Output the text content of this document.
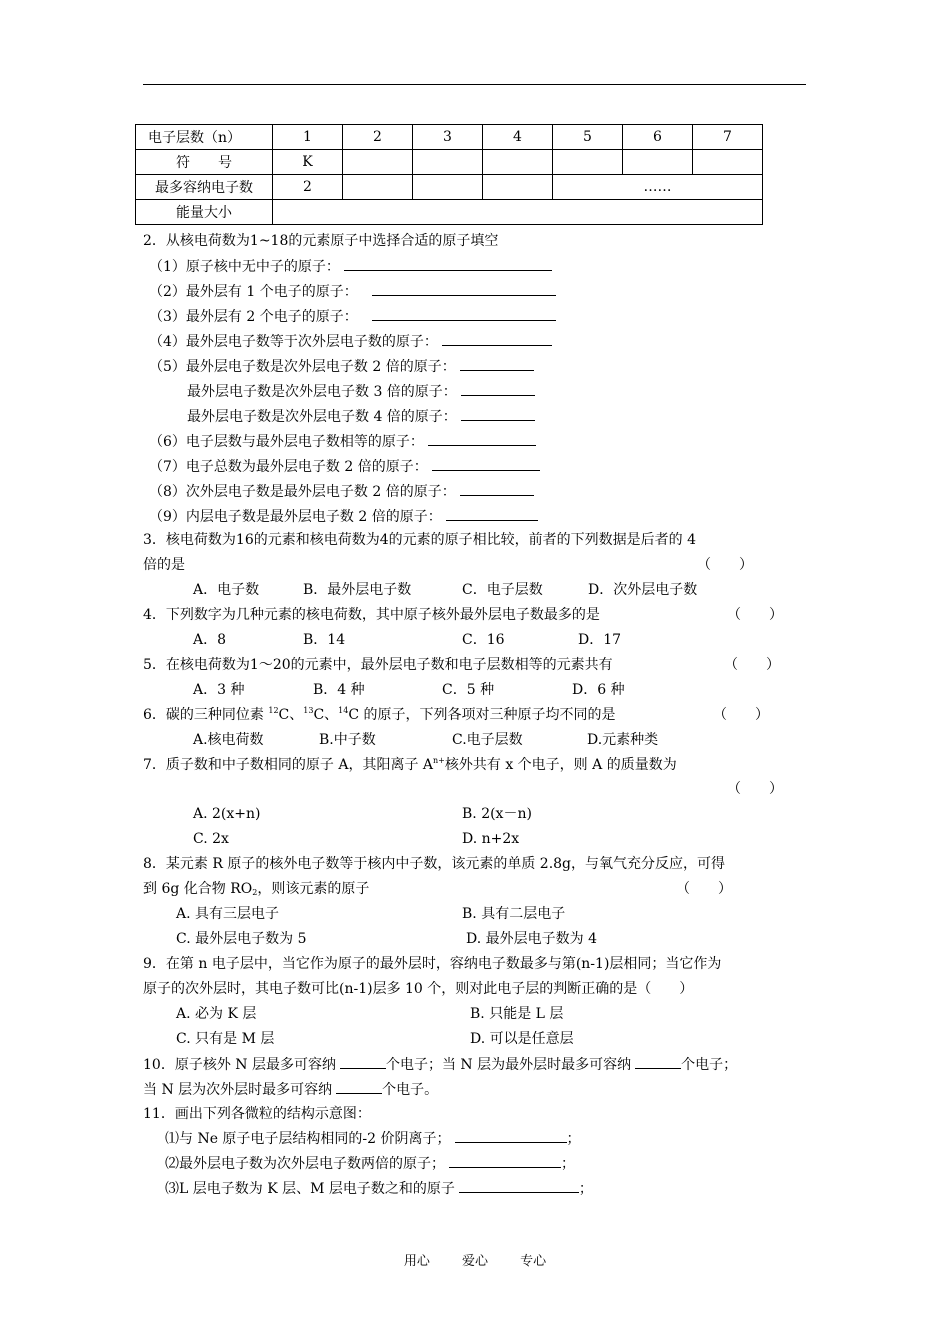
电子层数（n）	1	2	3	4	5	6	7
符　　号	K						
最多容纳电子数	2				……		
能量大小							
2．从核电荷数为1~18的元素原子中选择合适的原子填空
（1）原子核中无中子的原子：
（2）最外层有 1 个电子的原子：
（3）最外层有 2 个电子的原子：
（4）最外层电子数等于次外层电子数的原子：
（5）最外层电子数是次外层电子数 2 倍的原子：
最外层电子数是次外层电子数 3 倍的原子：
最外层电子数是次外层电子数 4 倍的原子：
（6）电子层数与最外层电子数相等的原子：
（7）电子总数为最外层电子数 2 倍的原子：
（8）次外层电子数是最外层电子数 2 倍的原子：
（9）内层电子数是最外层电子数 2 倍的原子：
3．核电荷数为16的元素和核电荷数为4的元素的原子相比较，前者的下列数据是后者的 4
倍的是	（　　）
A．电子数	B．最外层电子数	C．电子层数	D．次外层电子数
4．下列数字为几种元素的核电荷数，其中原子核外最外层电子数最多的是	（　　）
A．8	B．14	C．16	D．17
5．在核电荷数为1～20的元素中，最外层电子数和电子层数相等的元素共有	（　　）
A．3 种	B．4 种	C．5 种	D．6 种
6．碳的三种同位素 $^{12}$C、$^{13}$C、$^{14}$C 的原子，下列各项对三种原子均不同的是	（　　）
A.核电荷数	B.中子数	C.电子层数	D.元素种类
7．质子数和中子数相同的原子 A，其阳离子 $A^{n+}$核外共有 x 个电子，则 A 的质量数为
（　　）
A. 2(x+n)	B. 2(x－n)
C. 2x	D. n+2x
8．某元素 R 原子的核外电子数等于核内中子数，该元素的单质 2.8g，与氧气充分反应，可得
到 6g 化合物 $RO_2$，则该元素的原子	（　　）
A. 具有三层电子	B. 具有二层电子
C. 最外层电子数为 5	D. 最外层电子数为 4
9．在第 n 电子层中，当它作为原子的最外层时，容纳电子数最多与第(n-1)层相同；当它作为
原子的次外层时，其电子数可比(n-1)层多 10 个，则对此电子层的判断正确的是（　　）
A. 必为 K 层	B. 只能是 L 层
C. 只有是 M 层	D. 可以是任意层
10．原子核外 N 层最多可容纳	个电子；当 N 层为最外层时最多可容纳	个电子；
当 N 层为次外层时最多可容纳	个电子。
11．画出下列各微粒的结构示意图：
⑴与 Ne 原子电子层结构相同的-2 价阴离子；	；
⑵最外层电子数为次外层电子数两倍的原子；	；
⑶L 层电子数为 K 层、M 层电子数之和的原子	；
用心 爱心 专心
